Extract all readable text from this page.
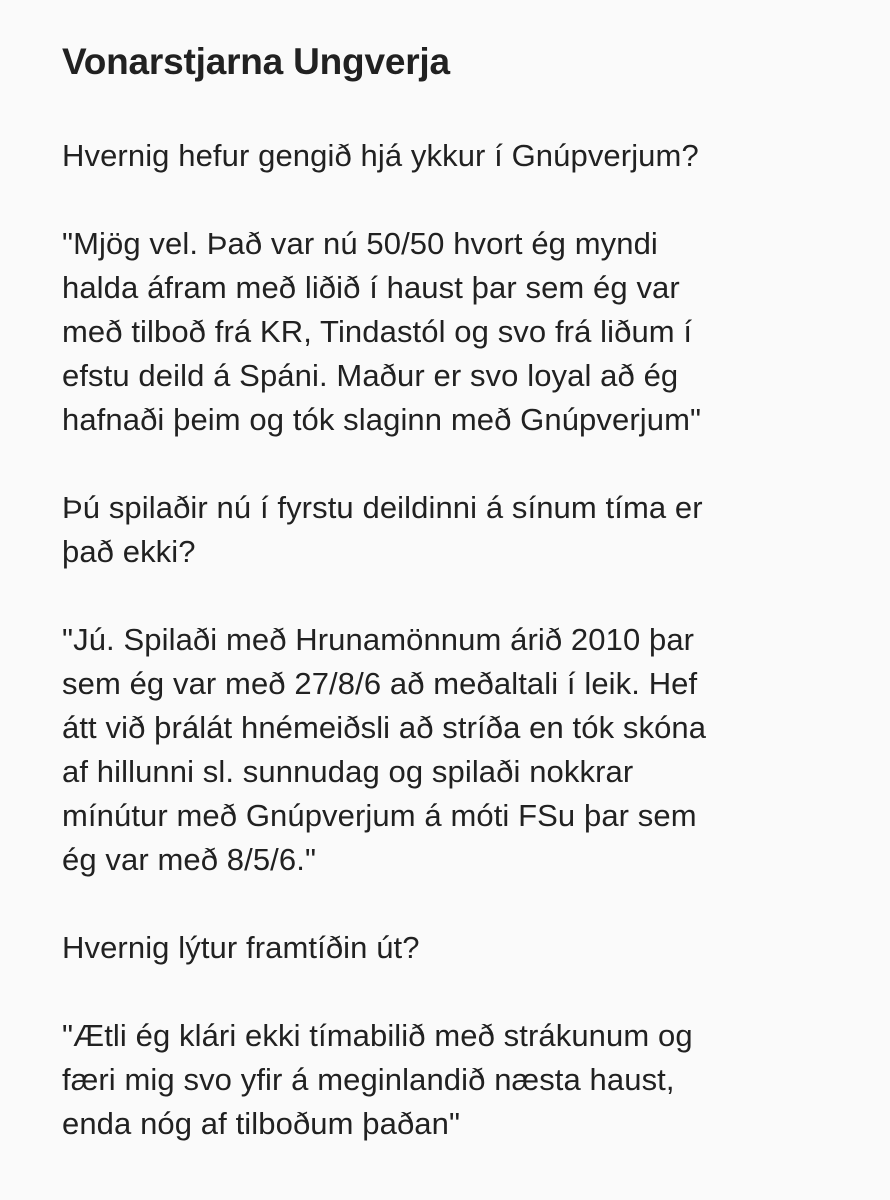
Vonarstjarna Ungverja

Hvernig hefur gengið hjá ykkur í Gnúpverjum?

"Mjög vel. Það var nú 50/50 hvort ég myndi
halda áfram með liðið í haust þar sem ég var
með tilboð frá KR, Tindastól og svo frá liðum í
efstu deild á Spáni. Maður er svo loyal að ég
hafnaði þeim og tók slaginn með Gnúpverjum"

Þú spilaðir nú í fyrstu deildinni á sínum tíma er
það ekki?

"Jú. Spilaði með Hrunamönnum árið 2010 þar
sem ég var með 27/8/6 að meðaltali í leik. Hef
átt við þrálát hnémeiðsli að stríða en tók skóna
af hillunni sl. sunnudag og spilaði nokkrar
mínútur með Gnúpverjum á móti FSu þar sem
ég var með 8/5/6."

Hvernig lýtur framtíðin út?

"Ætli ég klári ekki tímabilið með strákunum og
færi mig svo yfir á meginlandið næsta haust,
enda nóg af tilboðum þaðan"
